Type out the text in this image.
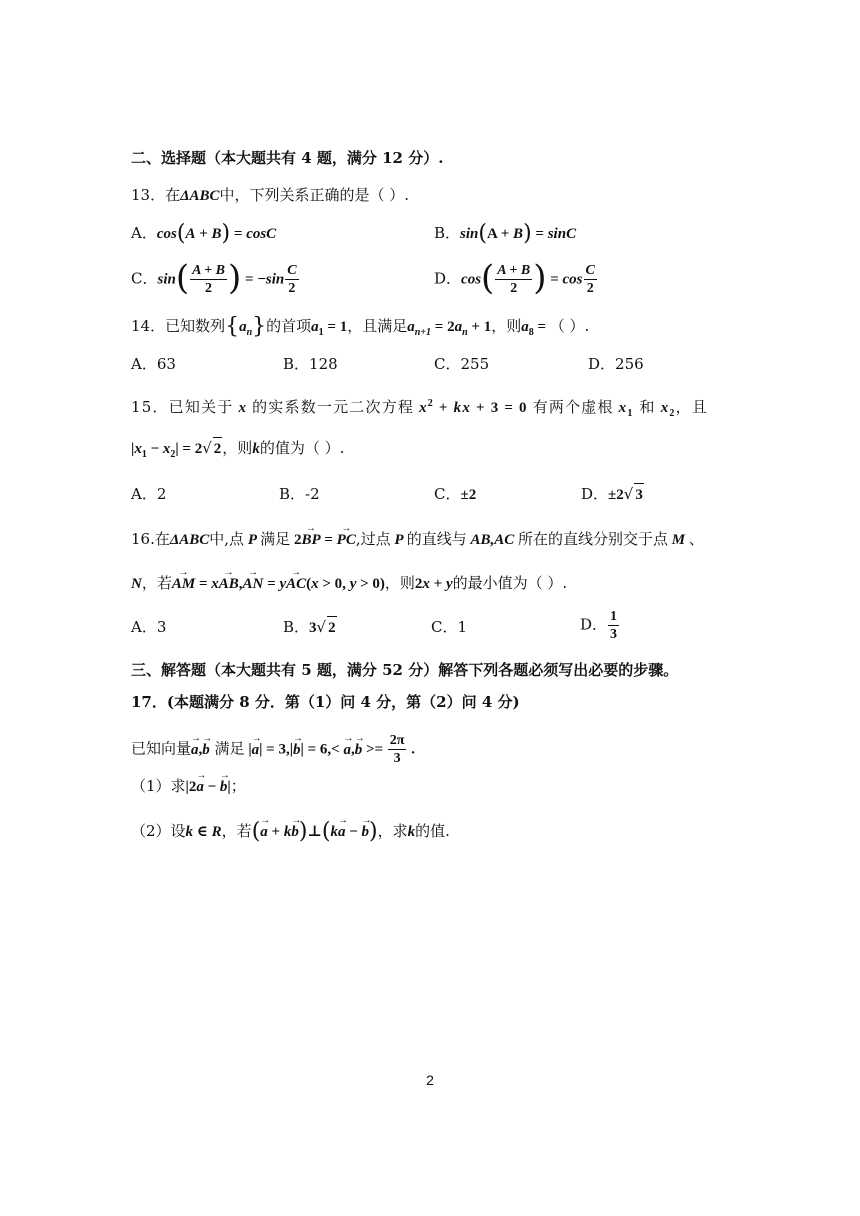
二、选择题（本大题共有 4 题，满分 12 分）.
13．在ΔABC中，下列关系正确的是（ ）.
A．cos(A + B) = cosC	B．sin(A + B) = sinC
C．$\sin( \frac{A + B}{2}$ ) = $-\sin \frac{C}{2}$	D．$\cos( \frac{A + B}{2}$ ) = $\cos \frac{C}{2}$
14．已知数列$\{a_n\}$的首项$a_1 = 1$，且满足$a_{n+1} = 2a_n + 1$，则$a_8$ = （ ）.
A．63	B．128	C．255	D．256
15．已知关于 x 的实系数一元二次方程 $x^2$ + kx + 3 = 0 有两个虚根 $x_1$ 和 $x_2$，且
$|x_1 - x_2| = 2√$ 2，则k的值为（ ）.
A．2	B．-2	C．±2	D．±2√ 3
16.在ΔABC中,点 P 满足 2→ BP = → PC,过点 P 的直线与 AB,AC 所在的直线分别交于点 M 、
N，若→ AM = x→ AB,→ AN = y→ AC(x > 0, y > 0)，则2x + y的最小值为（ ）.
A．3	B．3√ 2	C．1	D． $\frac{1}{3}$
三、解答题（本大题共有 5 题，满分 52 分）解答下列各题必须写出必要的步骤。
17．(本题满分 8 分．第（1）问 4 分，第（2）问 4 分)
已知向量→ a,→ b 满足 |→ $a| = 3,|\to b| = 6,< \to a,\to b >= \frac{2\pi}{3}$ .
（1）求|2→ a − → b|；
（2）设k ∈ R，若(→ a + k→ b)⊥(k→ a − → b)，求k的值.
2
